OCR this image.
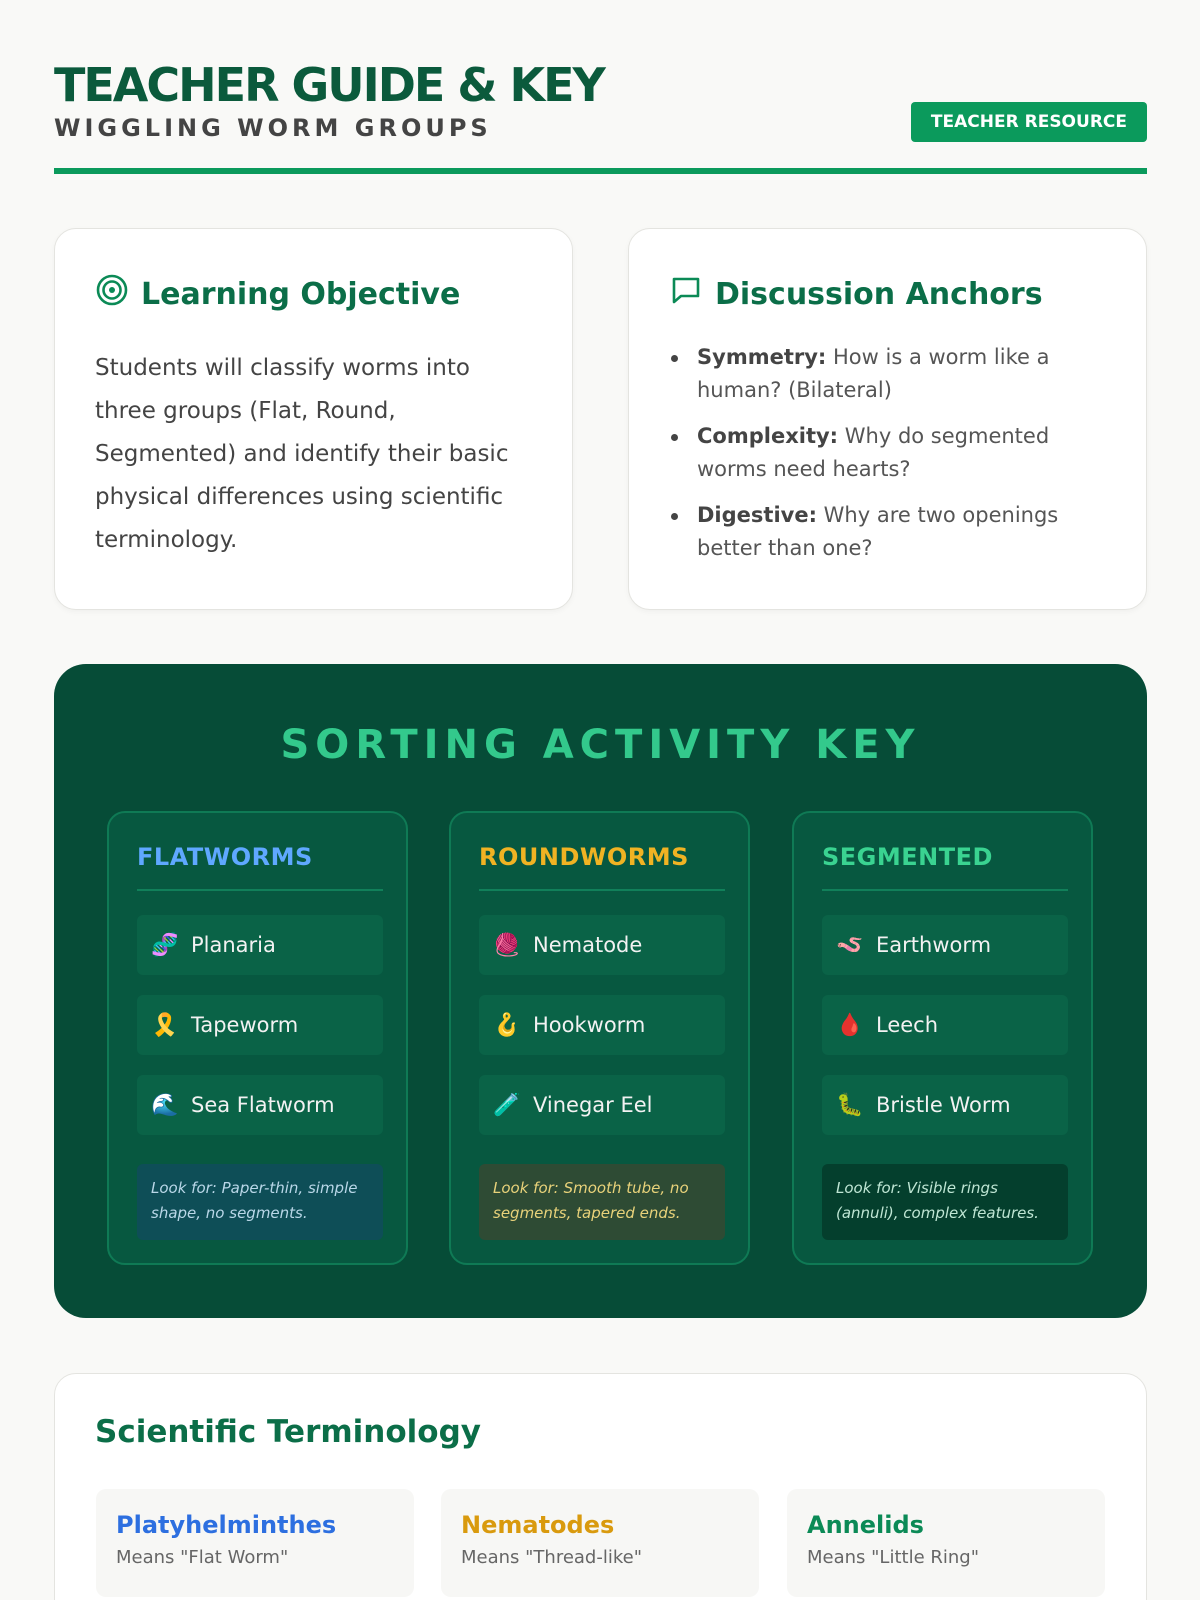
TEACHER GUIDE & KEY
WIGGLING WORM GROUPS	TEACHER RESOURCE
Learning Objective

Students will classify worms into three groups (Flat, Round, Segmented) and identify their basic physical differences using scientific terminology.

Discussion Anchors
Symmetry: How is a worm like a human? (Bilateral)
Complexity: Why do segmented worms need hearts?
Digestive: Why are two openings better than one?
SORTING ACTIVITY KEY
FLATWORMS
🧬 Planaria
🎗️ Tapeworm
🌊 Sea Flatworm
Look for: Paper-thin, simple shape, no segments.
ROUNDWORMS
🧶 Nematode
🪝 Hookworm
🧪 Vinegar Eel
Look for: Smooth tube, no segments, tapered ends.
SEGMENTED
🪱 Earthworm
🩸 Leech
🐛 Bristle Worm
Look for: Visible rings (annuli), complex features.
Scientific Terminology
Platyhelminthes
Means "Flat Worm"
Nematodes
Means "Thread-like"
Annelids
Means "Little Ring"
